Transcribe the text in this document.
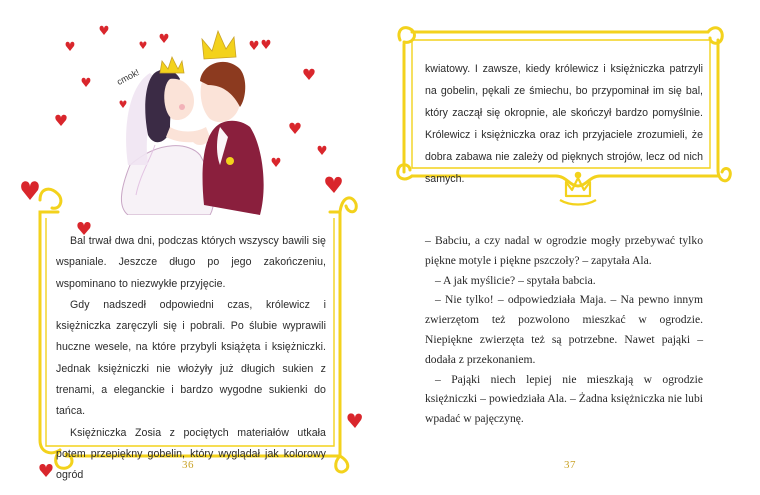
cmok!

Bal trwał dwa dni, podczas których wszyscy bawili się wspaniale. Jeszcze długo po jego zakończeniu, wspominano to niezwykłe przyjęcie.

Gdy nadszedł odpowiedni czas, królewicz i księżniczka zaręczyli się i pobrali. Po ślubie wyprawili huczne wesele, na które przybyli książęta i księżniczki. Jednak księżniczki nie włożyły już długich sukien z trenami, a eleganckie i bardzo wygodne sukienki do tańca.

Księżniczka Zosia z pociętych materiałów utkała potem przepiękny gobelin, który wyglądał jak kolorowy ogród

kwiatowy. I zawsze, kiedy królewicz i księżniczka patrzyli na gobelin, pękali ze śmiechu, bo przypominał im się bal, który zaczął się okropnie, ale skończył bardzo pomyślnie. Królewicz i księżniczka oraz ich przyjaciele zrozumieli, że dobra zabawa nie zależy od pięknych strojów, lecz od nich samych.

– Babciu, a czy nadal w ogrodzie mogły przebywać tylko piękne motyle i piękne pszczoły? – zapytała Ala.

– A jak myślicie? – spytała babcia.

– Nie tylko! – odpowiedziała Maja. – Na pewno innym zwierzętom też pozwolono mieszkać w ogrodzie. Niepiękne zwierzęta też są potrzebne. Nawet pająki – dodała z przekonaniem.

– Pająki niech lepiej nie mieszkają w ogrodzie księżniczki – powiedziała Ala. – Żadna księżniczka nie lubi wpadać w pajęczynę.

36	37
